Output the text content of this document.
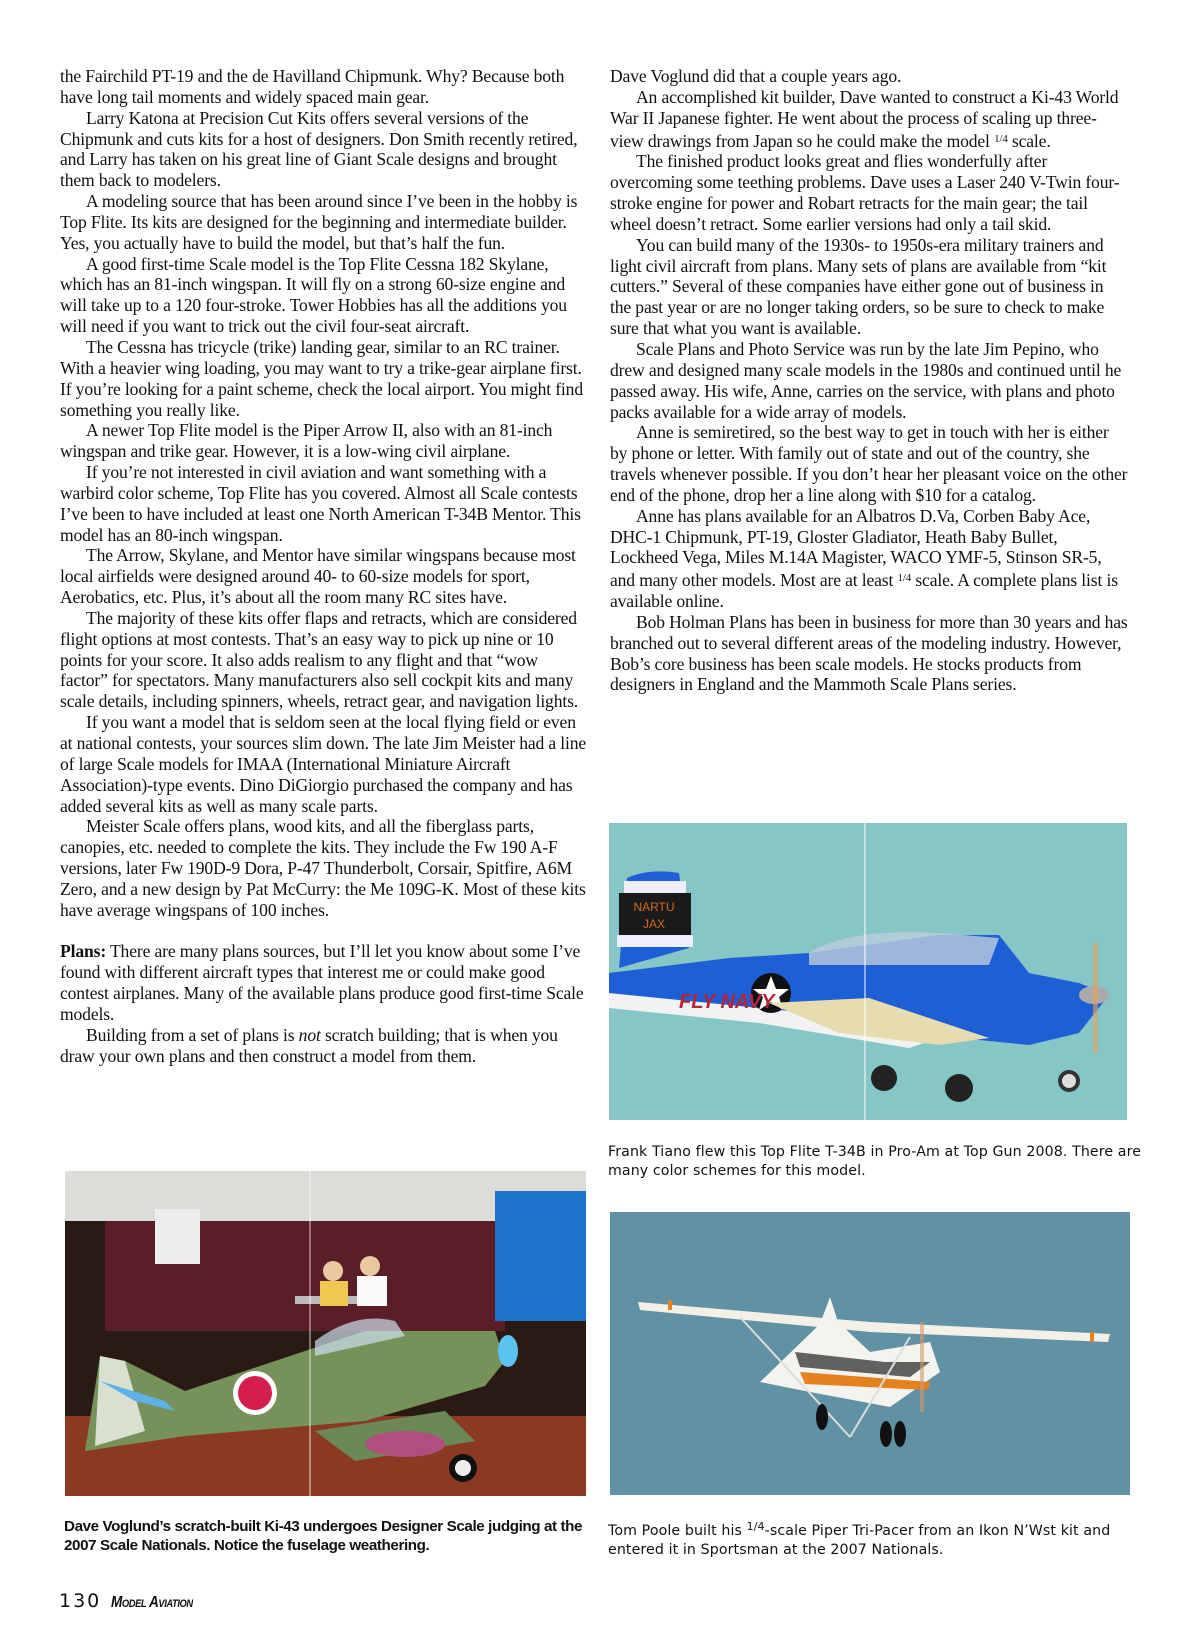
the Fairchild PT-19 and the de Havilland Chipmunk. Why? Because both have long tail moments and widely spaced main gear.

Larry Katona at Precision Cut Kits offers several versions of the Chipmunk and cuts kits for a host of designers. Don Smith recently retired, and Larry has taken on his great line of Giant Scale designs and brought them back to modelers.

A modeling source that has been around since I’ve been in the hobby is Top Flite. Its kits are designed for the beginning and intermediate builder. Yes, you actually have to build the model, but that’s half the fun.

A good first-time Scale model is the Top Flite Cessna 182 Skylane, which has an 81-inch wingspan. It will fly on a strong 60-size engine and will take up to a 120 four-stroke. Tower Hobbies has all the additions you will need if you want to trick out the civil four-seat aircraft.

The Cessna has tricycle (trike) landing gear, similar to an RC trainer. With a heavier wing loading, you may want to try a trike-gear airplane first. If you’re looking for a paint scheme, check the local airport. You might find something you really like.

A newer Top Flite model is the Piper Arrow II, also with an 81-inch wingspan and trike gear. However, it is a low-wing civil airplane.

If you’re not interested in civil aviation and want something with a warbird color scheme, Top Flite has you covered. Almost all Scale contests I’ve been to have included at least one North American T-34B Mentor. This model has an 80-inch wingspan.

The Arrow, Skylane, and Mentor have similar wingspans because most local airfields were designed around 40- to 60-size models for sport, Aerobatics, etc. Plus, it’s about all the room many RC sites have.

The majority of these kits offer flaps and retracts, which are considered flight options at most contests. That’s an easy way to pick up nine or 10 points for your score. It also adds realism to any flight and that “wow factor” for spectators. Many manufacturers also sell cockpit kits and many scale details, including spinners, wheels, retract gear, and navigation lights.

If you want a model that is seldom seen at the local flying field or even at national contests, your sources slim down. The late Jim Meister had a line of large Scale models for IMAA (International Miniature Aircraft Association)-type events. Dino DiGiorgio purchased the company and has added several kits as well as many scale parts.

Meister Scale offers plans, wood kits, and all the fiberglass parts, canopies, etc. needed to complete the kits. They include the Fw 190 A-F versions, later Fw 190D-9 Dora, P-47 Thunderbolt, Corsair, Spitfire, A6M Zero, and a new design by Pat McCurry: the Me 109G-K. Most of these kits have average wingspans of 100 inches.

Plans: There are many plans sources, but I’ll let you know about some I’ve found with different aircraft types that interest me or could make good contest airplanes. Many of the available plans produce good first-time Scale models.

Building from a set of plans is not scratch building; that is when you draw your own plans and then construct a model from them.

Dave Voglund did that a couple years ago.

An accomplished kit builder, Dave wanted to construct a Ki-43 World War II Japanese fighter. He went about the process of scaling up three-view drawings from Japan so he could make the model $^{1/4}$ scale.

The finished product looks great and flies wonderfully after overcoming some teething problems. Dave uses a Laser 240 V-Twin four-stroke engine for power and Robart retracts for the main gear; the tail wheel doesn’t retract. Some earlier versions had only a tail skid.

You can build many of the 1930s- to 1950s-era military trainers and light civil aircraft from plans. Many sets of plans are available from “kit cutters.” Several of these companies have either gone out of business in the past year or are no longer taking orders, so be sure to check to make sure that what you want is available.

Scale Plans and Photo Service was run by the late Jim Pepino, who drew and designed many scale models in the 1980s and continued until he passed away. His wife, Anne, carries on the service, with plans and photo packs available for a wide array of models.

Anne is semiretired, so the best way to get in touch with her is either by phone or letter. With family out of state and out of the country, she travels whenever possible. If you don’t hear her pleasant voice on the other end of the phone, drop her a line along with $10 for a catalog.

Anne has plans available for an Albatros D.Va, Corben Baby Ace, DHC-1 Chipmunk, PT-19, Gloster Gladiator, Heath Baby Bullet, Lockheed Vega, Miles M.14A Magister, WACO YMF-5, Stinson SR-5, and many other models. Most are at least $^{1/4}$ scale. A complete plans list is available online.

Bob Holman Plans has been in business for more than 30 years and has branched out to several different areas of the modeling industry. However, Bob’s core business has been scale models. He stocks products from designers in England and the Mammoth Scale Plans series.

NARTU
JAX
FLY NAVY
Frank Tiano flew this Top Flite T-34B in Pro-Am at Top Gun 2008. There are many color schemes for this model.
Dave Voglund’s scratch-built Ki-43 undergoes Designer Scale judging at the 2007 Scale Nationals. Notice the fuselage weathering.
Tom Poole built his $^{1/4}$-scale Piper Tri-Pacer from an Ikon N’Wst kit and entered it in Sportsman at the 2007 Nationals.
130 Model Aviation
